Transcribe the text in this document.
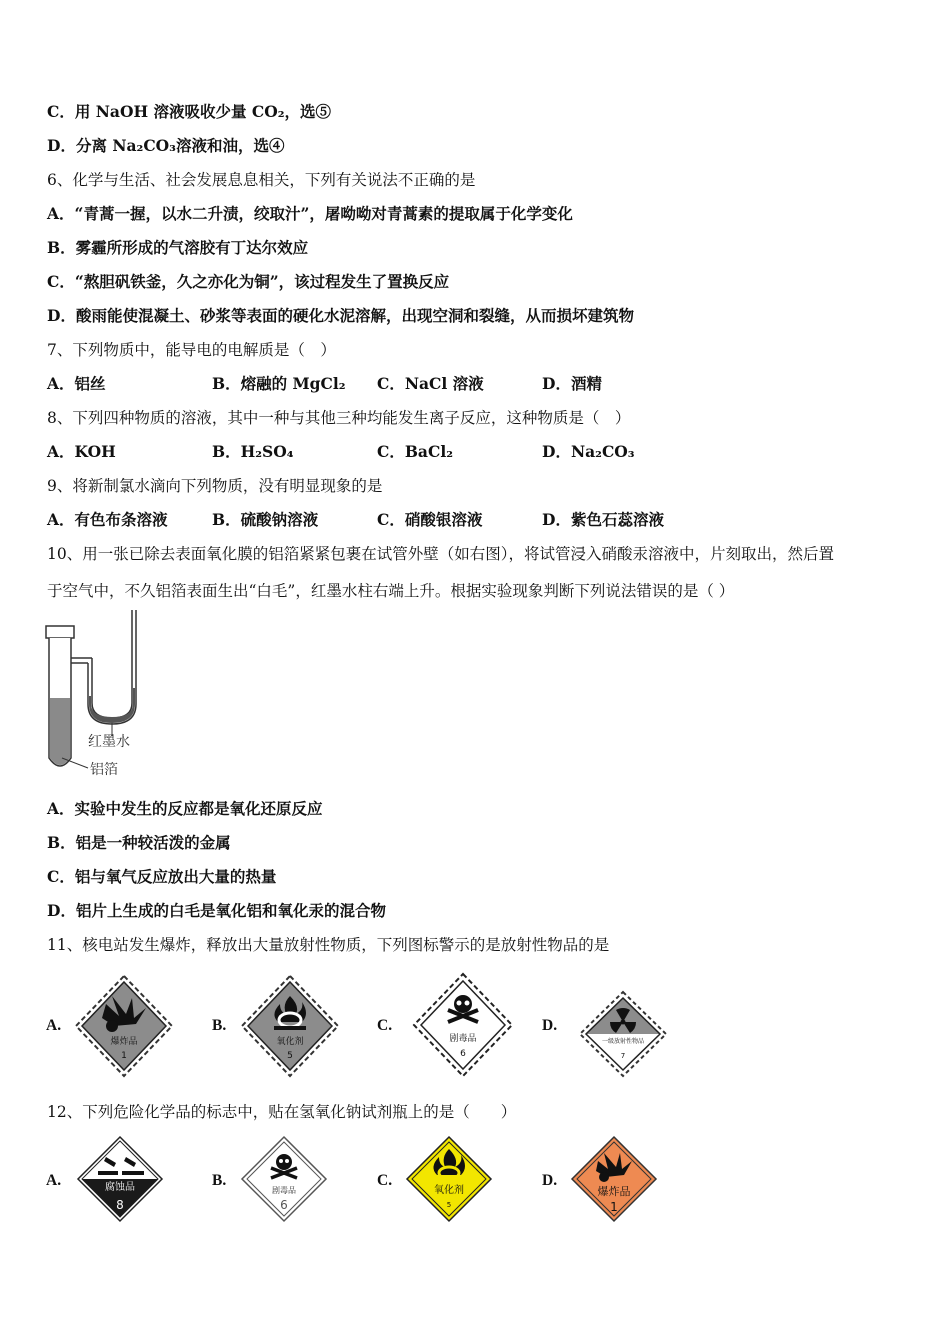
C．用 NaOH 溶液吸收少量 CO₂，选⑤
D．分离 Na₂CO₃溶液和油，选④
6、化学与生活、社会发展息息相关，下列有关说法不正确的是
A．“青蒿一握，以水二升渍，绞取汁”，屠呦呦对青蒿素的提取属于化学变化
B．雾霾所形成的气溶胶有丁达尔效应
C．“熬胆矾铁釜，久之亦化为铜”，该过程发生了置换反应
D．酸雨能使混凝土、砂浆等表面的硬化水泥溶解，出现空洞和裂缝，从而损坏建筑物
7、下列物质中，能导电的电解质是（　）
A．铝丝	B．熔融的 MgCl₂ C．NaCl 溶液	D．酒精
8、下列四种物质的溶液，其中一种与其他三种均能发生离子反应，这种物质是（　）
A．KOH	B．H₂SO₄	C．BaCl₂	D．Na₂CO₃
9、将新制氯水滴向下列物质，没有明显现象的是
A．有色布条溶液	B．硫酸钠溶液	C．硝酸银溶液	D．紫色石蕊溶液
10、用一张已除去表面氧化膜的铝箔紧紧包裹在试管外壁（如右图），将试管浸入硝酸汞溶液中，片刻取出，然后置
于空气中，不久铝箔表面生出“白毛”，红墨水柱右端上升。根据实验现象判断下列说法错误的是（ ）
红墨水
铝箔
A．实验中发生的反应都是氧化还原反应
B．铝是一种较活泼的金属
C．铝与氧气反应放出大量的热量
D．铝片上生成的白毛是氧化铝和氧化汞的混合物
11、核电站发生爆炸，释放出大量放射性物质，下列图标警示的是放射性物品的是
A.	B.	C.	D.
爆炸品
1
氧化剂
5
剧毒品
6
一级放射性物品
7
12、下列危险化学品的标志中，贴在氢氧化钠试剂瓶上的是（　　）
A.	B.	C.	D.
腐蚀品
8
剧毒品
6
氧化剂
5
爆炸品
1
